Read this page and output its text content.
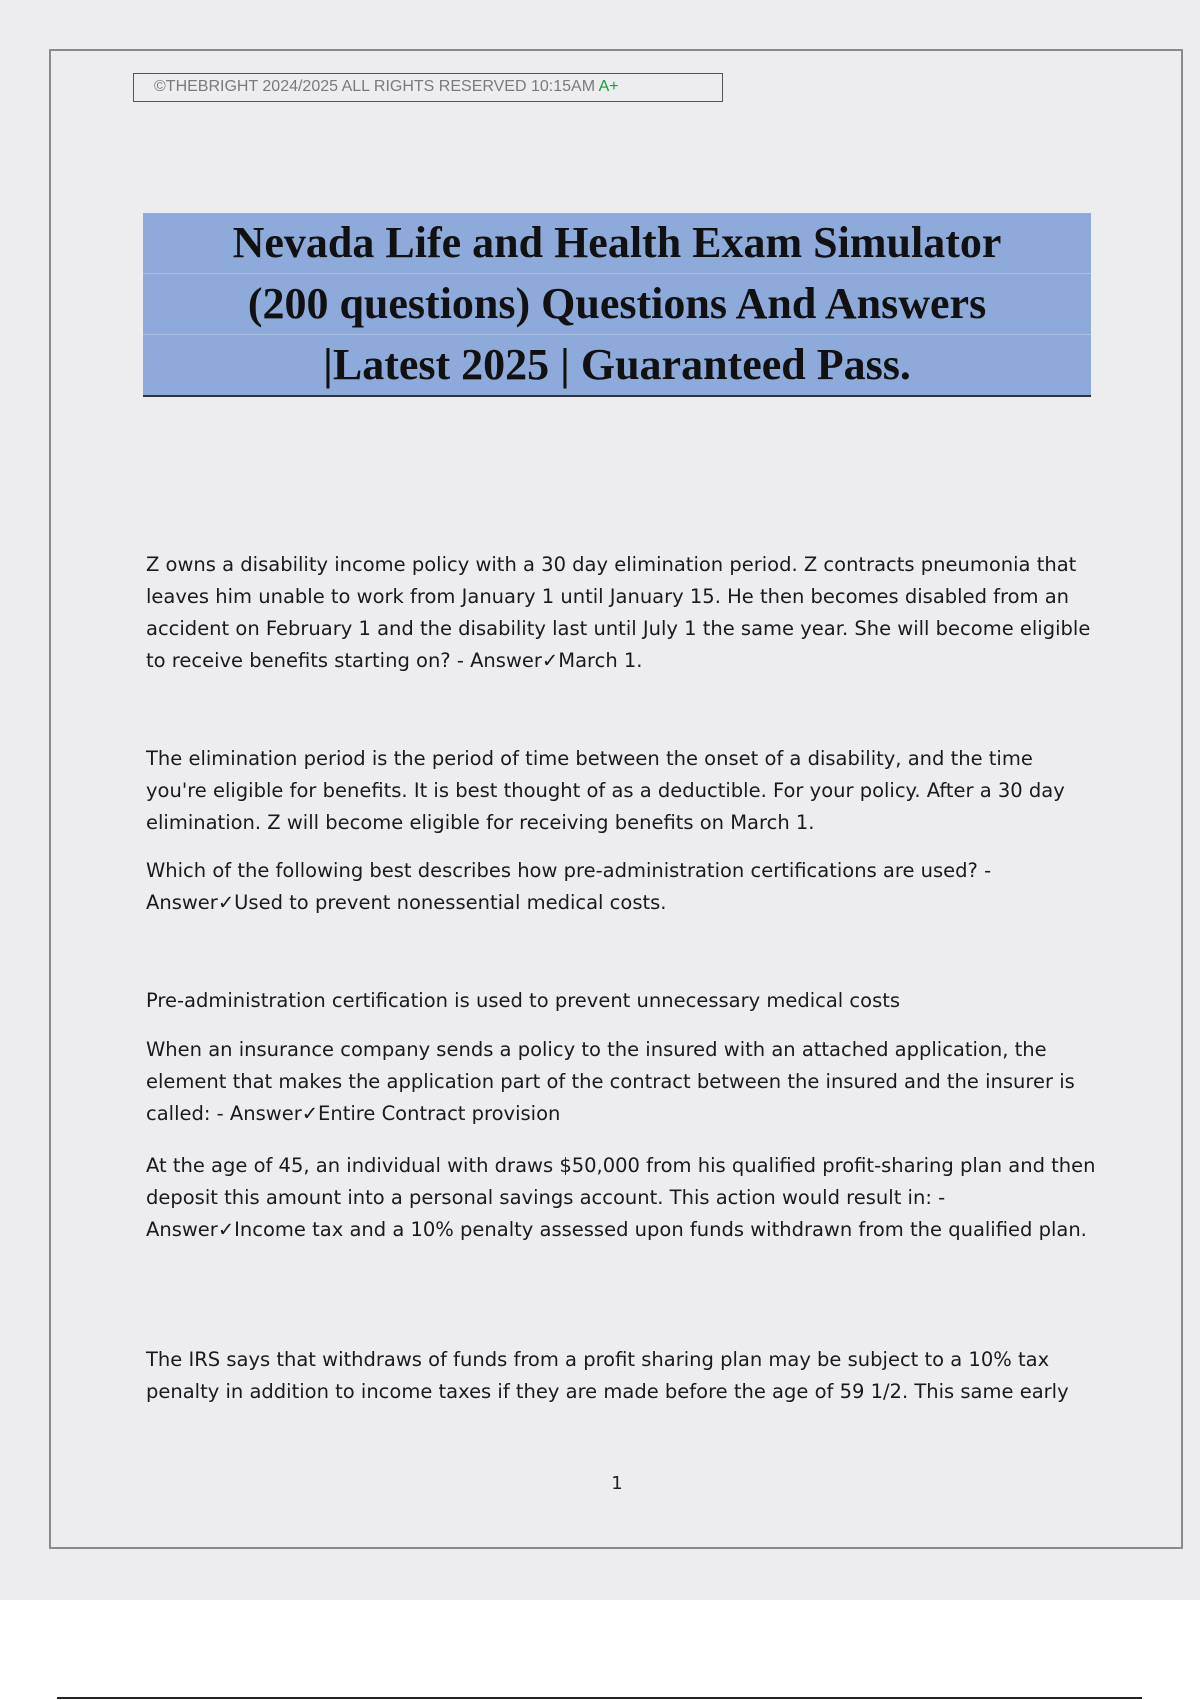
©THEBRIGHT 2024/2025 ALL RIGHTS RESERVED 10:15AM A+
Nevada Life and Health Exam Simulator
(200 questions) Questions And Answers
|Latest 2025 | Guaranteed Pass.

Z owns a disability income policy with a 30 day elimination period. Z contracts pneumonia that leaves him unable to work from January 1 until January 15. He then becomes disabled from an accident on February 1 and the disability last until July 1 the same year. She will become eligible to receive benefits starting on? - Answer✓March 1.

The elimination period is the period of time between the onset of a disability, and the time you're eligible for benefits. It is best thought of as a deductible. For your policy. After a 30 day elimination. Z will become eligible for receiving benefits on March 1.

Which of the following best describes how pre-administration certifications are used? - Answer✓Used to prevent nonessential medical costs.

Pre-administration certification is used to prevent unnecessary medical costs

When an insurance company sends a policy to the insured with an attached application, the element that makes the application part of the contract between the insured and the insurer is called: - Answer✓Entire Contract provision

At the age of 45, an individual with draws $50,000 from his qualified profit-sharing plan and then deposit this amount into a personal savings account. This action would result in: - Answer✓Income tax and a 10% penalty assessed upon funds withdrawn from the qualified plan.

The IRS says that withdraws of funds from a profit sharing plan may be subject to a 10% tax penalty in addition to income taxes if they are made before the age of 59 1/2. This same early

1
